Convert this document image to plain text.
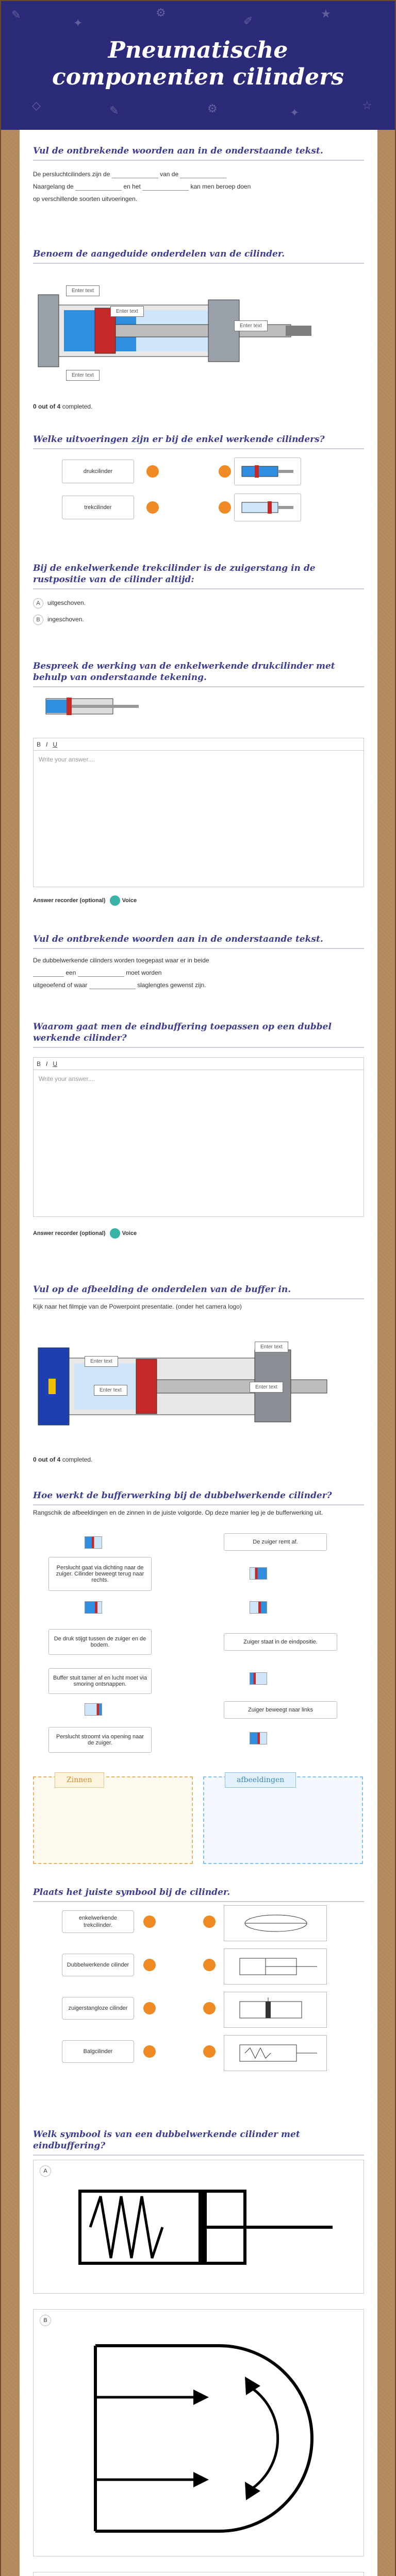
✎
✦
⚙
✐
★
◇	✎	⚙	✦
☆
Pneumatische componenten cilinders
Vul de ontbrekende woorden aan in de onderstaande tekst.
De persluchtcilinders zijn de	van de
Naargelang de	en het	kan men beroep doen
op verschillende soorten uitvoeringen.
Benoem de aangeduide onderdelen van de cilinder.
Enter text
Enter text
Enter text
Enter text
0 out of 4 completed.
Welke uitvoeringen zijn er bij de enkel werkende cilinders?
drukcilinder
trekcilinder
Bij de enkelwerkende trekcilinder is de zuigerstang in de rustpositie van de cilinder altijd:
A uitgeschoven.
B ingeschoven.
Bespreek de werking van de enkelwerkende drukcilinder met behulp van onderstaande tekening.
B I U
Write your answer....
Answer recorder (optional)	Voice
Vul de ontbrekende woorden aan in de onderstaande tekst.
De dubbelwerkende cilinders worden toegepast waar er in beide
een	moet worden
uitgeoefend of waar	slaglengtes gewenst zijn.
Waarom gaat men de eindbuffering toepassen op een dubbel werkende cilinder?
B I U
Write your answer....
Answer recorder (optional)	Voice
Vul op de afbeelding de onderdelen van de buffer in.
Kijk naar het filmpje van de Powerpoint presentatie. (onder het camera logo)
Enter text
Enter text
Enter text
Enter text
0 out of 4 completed.
Hoe werkt de bufferwerking bij de dubbelwerkende cilinder?
Rangschik de afbeeldingen en de zinnen in de juiste volgorde. Op deze manier leg je de bufferwerking uit.
De zuiger remt af.
Perslucht gaat via dichting naar de zuiger. Cilinder beweegt terug naar rechts.
De druk stijgt tussen de zuiger en de bodem.	Zuiger staat in de eindpositie.
Buffer stuit tamer af en lucht moet via smoring ontsnappen.
Zuiger beweegt naar links
Perslucht stroomt via opening naar de zuiger.
Zinnen	afbeeldingen
Plaats het juiste symbool bij de cilinder.
enkelwerkende trekcilinder.
Dubbelwerkende cilinder
zuigerstangloze cilinder
Balgcilinder
Welk symbool is van een dubbelwerkende cilinder met eindbuffering?
A
B
